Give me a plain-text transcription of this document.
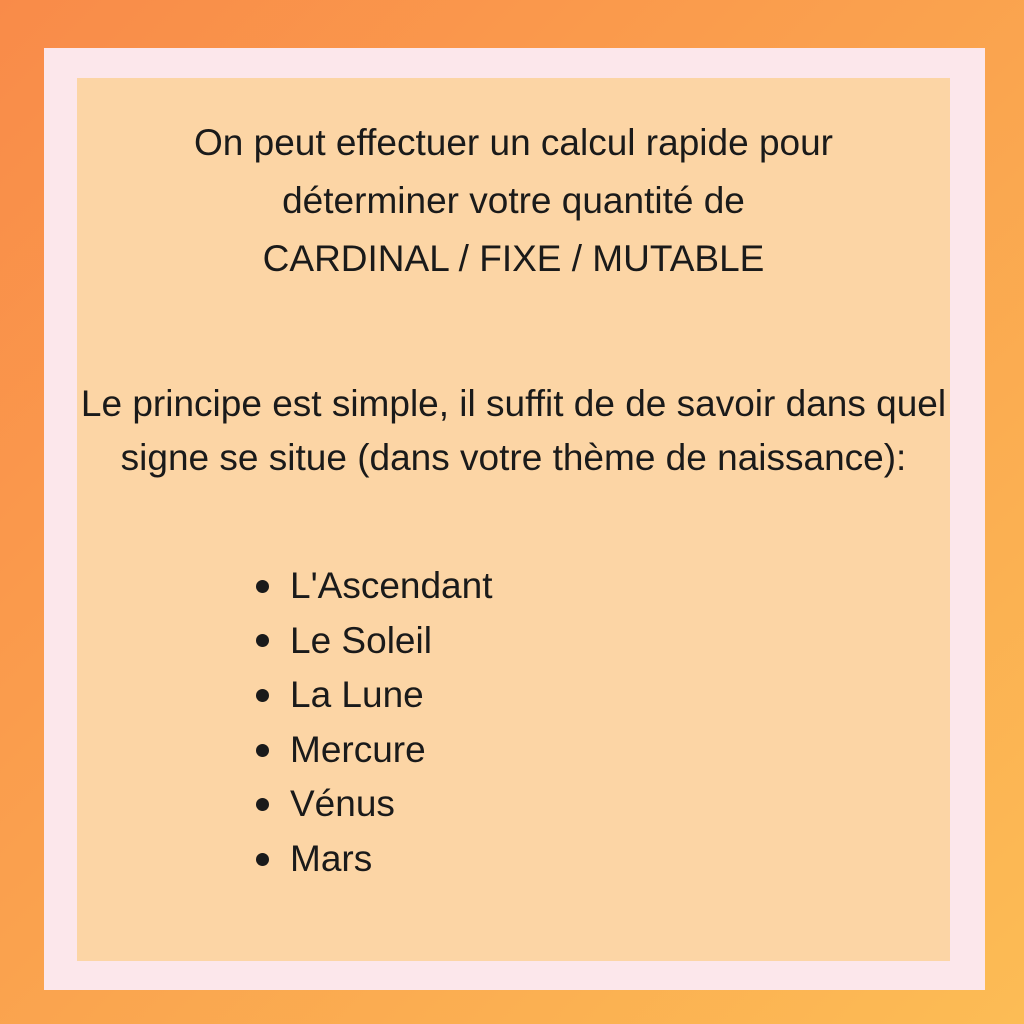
On peut effectuer un calcul rapide pour
déterminer votre quantité de
CARDINAL / FIXE / MUTABLE
Le principe est simple, il suffit de de savoir dans quel
signe se situe (dans votre thème de naissance):
L'Ascendant
Le Soleil
La Lune
Mercure
Vénus
Mars
